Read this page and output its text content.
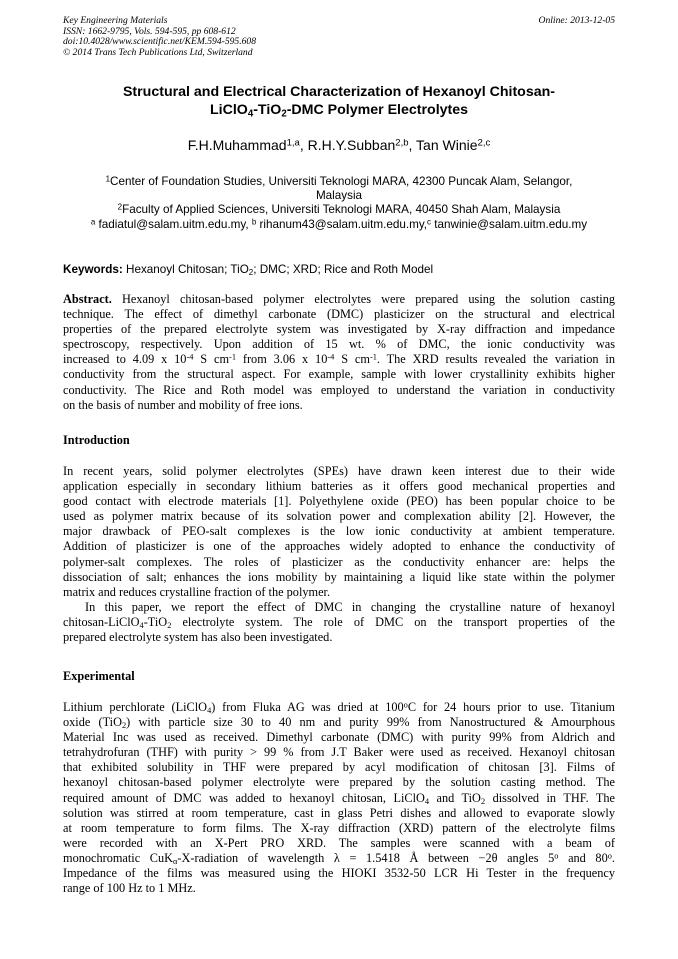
Key Engineering Materials
ISSN: 1662-9795, Vols. 594-595, pp 608-612
doi:10.4028/www.scientific.net/KEM.594-595.608
© 2014 Trans Tech Publications Ltd, Switzerland
Online: 2013-12-05
Structural and Electrical Characterization of Hexanoyl Chitosan-
LiClO$_4$-TiO$_2$-DMC Polymer Electrolytes
F.H.Muhammad$^{1,a}$, R.H.Y.Subban$^{2,b}$, Tan Winie$^{2,c}$
$^1$Center of Foundation Studies, Universiti Teknologi MARA, 42300 Puncak Alam, Selangor,
Malaysia
$^2$Faculty of Applied Sciences, Universiti Teknologi MARA, 40450 Shah Alam, Malaysia
$^a$ fadiatul@salam.uitm.edu.my, $^b$ rihanum43@salam.uitm.edu.my,$^c$ tanwinie@salam.uitm.edu.my
Keywords: Hexanoyl Chitosan; TiO$_2$; DMC; XRD; Rice and Roth Model
Abstract. Hexanoyl chitosan-based polymer electrolytes were prepared using the solution casting
technique. The effect of dimethyl carbonate (DMC) plasticizer on the structural and electrical
properties of the prepared electrolyte system was investigated by X-ray diffraction and impedance
spectroscopy, respectively. Upon addition of 15 wt. % of DMC, the ionic conductivity was
increased to 4.09 x $10^{-4}$ S $cm^{-1}$ from 3.06 x $10^{-4}$ S $cm^{-1}$. The XRD results revealed the variation in
conductivity from the structural aspect. For example, sample with lower crystallinity exhibits higher
conductivity. The Rice and Roth model was employed to understand the variation in conductivity
on the basis of number and mobility of free ions.
Introduction
In recent years, solid polymer electrolytes (SPEs) have drawn keen interest due to their wide
application especially in secondary lithium batteries as it offers good mechanical properties and
good contact with electrode materials [1]. Polyethylene oxide (PEO) has been popular choice to be
used as polymer matrix because of its solvation power and complexation ability [2]. However, the
major drawback of PEO-salt complexes is the low ionic conductivity at ambient temperature.
Addition of plasticizer is one of the approaches widely adopted to enhance the conductivity of
polymer-salt complexes. The roles of plasticizer as the conductivity enhancer are: helps the
dissociation of salt; enhances the ions mobility by maintaining a liquid like state within the polymer
matrix and reduces crystalline fraction of the polymer.
In this paper, we report the effect of DMC in changing the crystalline nature of hexanoyl
chitosan-LiClO$_4$-TiO$_2$ electrolyte system. The role of DMC on the transport properties of the
prepared electrolyte system has also been investigated.
Experimental
Lithium perchlorate (LiClO$_4$) from Fluka AG was dried at 100$^o$C for 24 hours prior to use. Titanium
oxide (TiO$_2$) with particle size 30 to 40 nm and purity 99% from Nanostructured & Amourphous
Material Inc was used as received. Dimethyl carbonate (DMC) with purity 99% from Aldrich and
tetrahydrofuran (THF) with purity > 99 % from J.T Baker were used as received. Hexanoyl chitosan
that exhibited solubility in THF were prepared by acyl modification of chitosan [3]. Films of
hexanoyl chitosan-based polymer electrolyte were prepared by the solution casting method. The
required amount of DMC was added to hexanoyl chitosan, LiClO$_4$ and TiO$_2$ dissolved in THF. The
solution was stirred at room temperature, cast in glass Petri dishes and allowed to evaporate slowly
at room temperature to form films. The X-ray diffraction (XRD) pattern of the electrolyte films
were recorded with an X-Pert PRO XRD. The samples were scanned with a beam of
monochromatic CuK$_\alpha$-X-radiation of wavelength λ = 1.5418 Å between −2θ angles 5$^o$ and 80$^o$.
Impedance of the films was measured using the HIOKI 3532-50 LCR Hi Tester in the frequency
range of 100 Hz to 1 MHz.
